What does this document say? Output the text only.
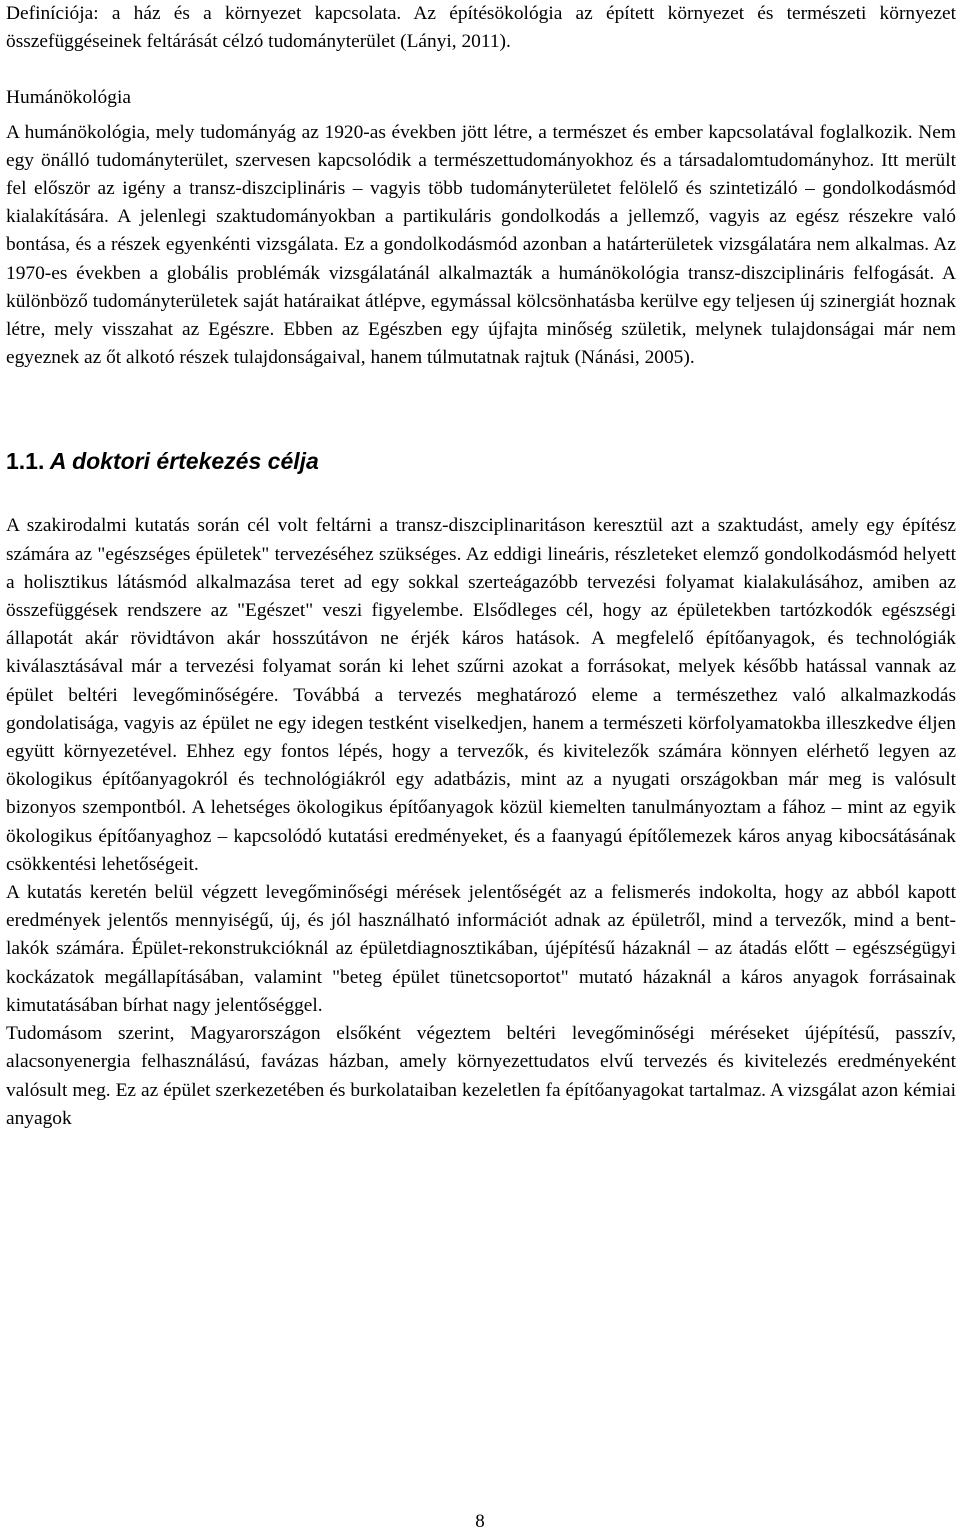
Definíciója: a ház és a környezet kapcsolata. Az építésökológia az épített környezet és természeti környezet összefüggéseinek feltárását célzó tudományterület (Lányi, 2011).

Humánökológia

A humánökológia, mely tudományág az 1920-as években jött létre, a természet és ember kapcsolatával foglalkozik. Nem egy önálló tudományterület, szervesen kapcsolódik a természettudományokhoz és a társadalomtudományhoz. Itt merült fel először az igény a transz-diszciplináris – vagyis több tudományterületet felölelő és szintetizáló – gondolkodásmód kialakítására. A jelenlegi szaktudományokban a partikuláris gondolkodás a jellemző, vagyis az egész részekre való bontása, és a részek egyenkénti vizsgálata. Ez a gondolkodásmód azonban a határterületek vizsgálatára nem alkalmas. Az 1970-es években a globális problémák vizsgálatánál alkalmazták a humánökológia transz-diszciplináris felfogását. A különböző tudományterületek saját határaikat átlépve, egymással kölcsönhatásba kerülve egy teljesen új szinergiát hoznak létre, mely visszahat az Egészre. Ebben az Egészben egy újfajta minőség születik, melynek tulajdonságai már nem egyeznek az őt alkotó részek tulajdonságaival, hanem túlmutatnak rajtuk (Nánási, 2005).

1.1. A doktori értekezés célja

A szakirodalmi kutatás során cél volt feltárni a transz-diszciplinaritáson keresztül azt a szaktudást, amely egy építész számára az "egészséges épületek" tervezéséhez szükséges. Az eddigi lineáris, részleteket elemző gondolkodásmód helyett a holisztikus látásmód alkalmazása teret ad egy sokkal szerteágazóbb tervezési folyamat kialakulásához, amiben az összefüggések rendszere az "Egészet" veszi figyelembe. Elsődleges cél, hogy az épületekben tartózkodók egészségi állapotát akár rövidtávon akár hosszútávon ne érjék káros hatások. A megfelelő építőanyagok, és technológiák kiválasztásával már a tervezési folyamat során ki lehet szűrni azokat a forrásokat, melyek később hatással vannak az épület beltéri levegőminőségére. Továbbá a tervezés meghatározó eleme a természethez való alkalmazkodás gondolatisága, vagyis az épület ne egy idegen testként viselkedjen, hanem a természeti körfolyamatokba illeszkedve éljen együtt környezetével. Ehhez egy fontos lépés, hogy a tervezők, és kivitelezők számára könnyen elérhető legyen az ökologikus építőanyagokról és technológiákról egy adatbázis, mint az a nyugati országokban már meg is valósult bizonyos szempontból. A lehetséges ökologikus építőanyagok közül kiemelten tanulmányoztam a fához – mint az egyik ökologikus építőanyaghoz – kapcsolódó kutatási eredményeket, és a faanyagú építőlemezek káros anyag kibocsátásának csökkentési lehetőségeit.

A kutatás keretén belül végzett levegőminőségi mérések jelentőségét az a felismerés indokolta, hogy az abból kapott eredmények jelentős mennyiségű, új, és jól használható információt adnak az épületről, mind a tervezők, mind a bent-lakók számára. Épület-rekonstrukcióknál az épületdiagnosztikában, újépítésű házaknál – az átadás előtt – egészségügyi kockázatok megállapításában, valamint "beteg épület tünetcsoportot" mutató házaknál a káros anyagok forrásainak kimutatásában bírhat nagy jelentőséggel.

Tudomásom szerint, Magyarországon elsőként végeztem beltéri levegőminőségi méréseket újépítésű, passzív, alacsonyenergia felhasználású, favázas házban, amely környezettudatos elvű tervezés és kivitelezés eredményeként valósult meg. Ez az épület szerkezetében és burkolataiban kezeletlen fa építőanyagokat tartalmaz. A vizsgálat azon kémiai anyagok

8
